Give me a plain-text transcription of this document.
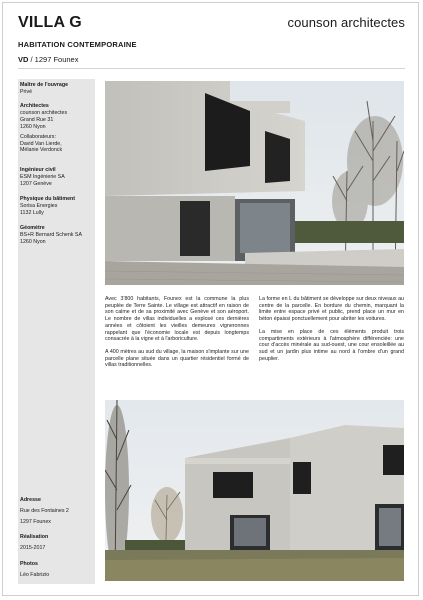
VILLA G
HABITATION CONTEMPORAINE
VD / 1297 Founex
counson architectes
Maître de l'ouvrage
Privé
Architectes
counson architectes
Grand Rue 31
1260 Nyon
Collaborateurs:
David Van Lierde,
Mélanie Verdonck
Ingénieur civil
ESM Ingénierie SA
1207 Genève
Physique du bâtiment
Sorisa Energies
1132 Lully
Géomètre
BS+R Bernard Schenk SA
1260 Nyon
Adresse
Rue des Fontaines 2
1297 Founex
Réalisation
2015-2017
Photos
Léo Fabrizio

Avec 3'800 habitants, Founex est la commune la plus peuplée de Terre Sainte. Le village est attractif en raison de son calme et de sa proximité avec Genève et son aéroport. Le nombre de villas individuelles a explosé ces dernières années et côtoient les vieilles demeures vigneronnes rappelant que l'économie locale est depuis longtemps consacrée à la vigne et à l'arboriculture.

A 400 mètres au sud du village, la maison s'implante sur une parcelle plane située dans un quartier résidentiel formé de villas traditionnelles.

La forme en L du bâtiment se développe sur deux niveaux au centre de la parcelle. En bordure du chemin, marquant la limite entre espace privé et public, prend place un mur en béton épaissi ponctuellement pour abriter les voitures.

La mise en place de ces éléments produit trois compartiments extérieurs à l'atmosphère différenciée: une cour d'accès minérale au sud-ouest, une cour ensoleillée au sud et un jardin plus intime au nord à l'ombre d'un grand peuplier.
